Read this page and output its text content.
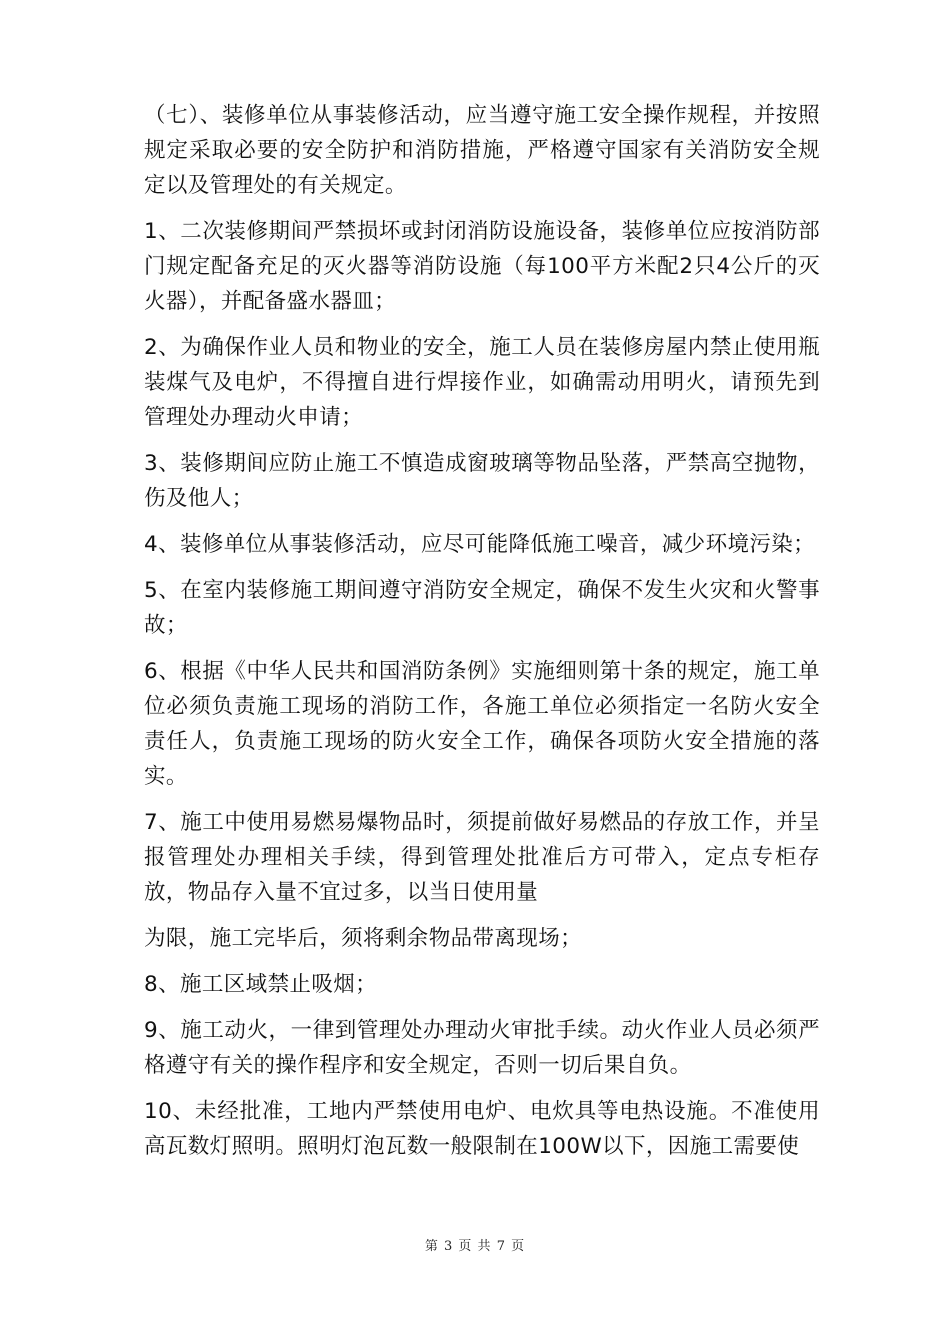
（七）、装修单位从事装修活动，应当遵守施工安全操作规程，并按照规定采取必要的安全防护和消防措施，严格遵守国家有关消防安全规定以及管理处的有关规定。

1、二次装修期间严禁损坏或封闭消防设施设备，装修单位应按消防部门规定配备充足的灭火器等消防设施（每100平方米配2只4公斤的灭火器），并配备盛水器皿；

2、为确保作业人员和物业的安全，施工人员在装修房屋内禁止使用瓶装煤气及电炉，不得擅自进行焊接作业，如确需动用明火，请预先到管理处办理动火申请；

3、装修期间应防止施工不慎造成窗玻璃等物品坠落，严禁高空抛物，伤及他人；

4、装修单位从事装修活动，应尽可能降低施工噪音，减少环境污染；

5、在室内装修施工期间遵守消防安全规定，确保不发生火灾和火警事故；

6、根据《中华人民共和国消防条例》实施细则第十条的规定，施工单位必须负责施工现场的消防工作，各施工单位必须指定一名防火安全责任人，负责施工现场的防火安全工作，确保各项防火安全措施的落实。

7、施工中使用易燃易爆物品时，须提前做好易燃品的存放工作，并呈报管理处办理相关手续，得到管理处批准后方可带入，定点专柜存放，物品存入量不宜过多，以当日使用量

为限，施工完毕后，须将剩余物品带离现场；

8、施工区域禁止吸烟；

9、施工动火，一律到管理处办理动火审批手续。动火作业人员必须严格遵守有关的操作程序和安全规定，否则一切后果自负。

10、未经批准，工地内严禁使用电炉、电炊具等电热设施。不准使用高瓦数灯照明。照明灯泡瓦数一般限制在100W以下，因施工需要使

第 3 页 共 7 页
